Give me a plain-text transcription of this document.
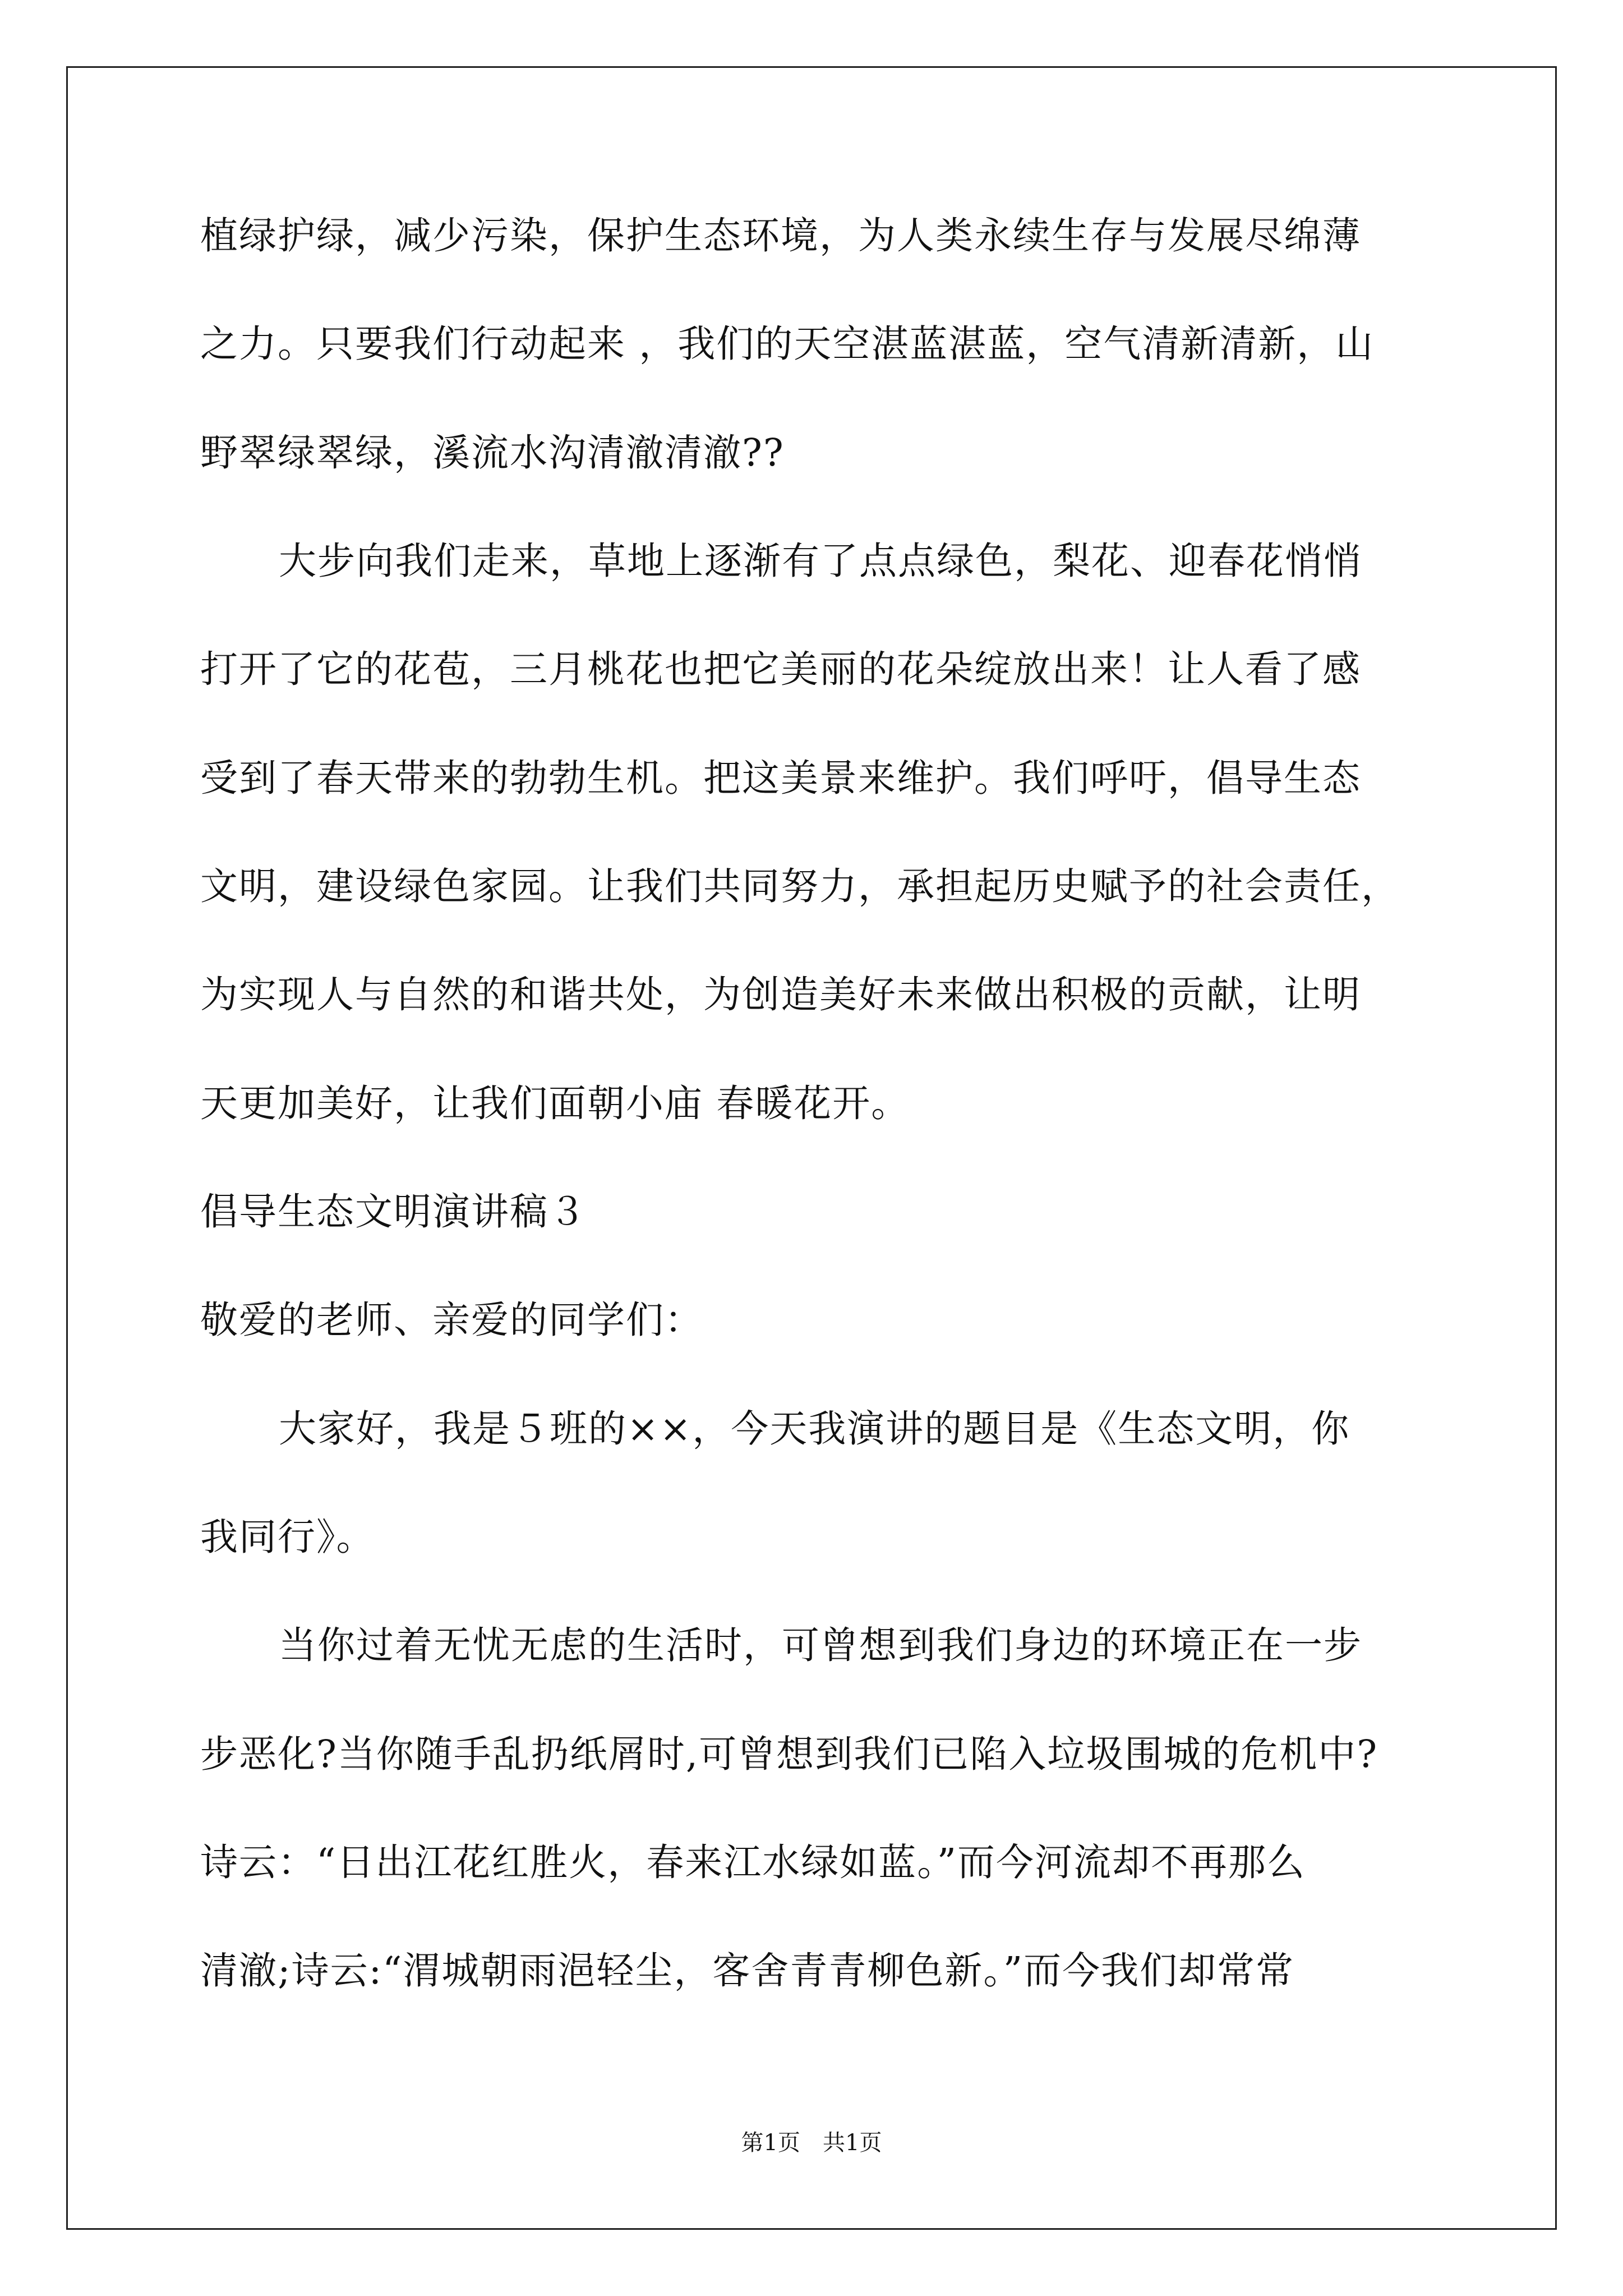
植绿护绿，减少污染，保护生态环境，为人类永续生存与发展尽绵薄
之力。只要我们行动起来 ，我们的天空湛蓝湛蓝，空气清新清新，山
野翠绿翠绿，溪流水沟清澈清澈??
大步向我们走来，草地上逐渐有了点点绿色，梨花、迎春花悄悄
打开了它的花苞，三月桃花也把它美丽的花朵绽放出来！让人看了感
受到了春天带来的勃勃生机。把这美景来维护。我们呼吁，倡导生态
文明，建设绿色家园。让我们共同努力，承担起历史赋予的社会责任，
为实现人与自然的和谐共处，为创造美好未来做出积极的贡献，让明
天更加美好，让我们面朝小庙 春暖花开。
倡导生态文明演讲稿３
敬爱的老师、亲爱的同学们：
大家好，我是５班的××，今天我演讲的题目是《生态文明，你
我同行》。
当你过着无忧无虑的生活时，可曾想到我们身边的环境正在一步
步恶化?当你随手乱扔纸屑时,可曾想到我们已陷入垃圾围城的危机中?
诗云：“日出江花红胜火，春来江水绿如蓝。”而今河流却不再那么
清澈;诗云:“渭城朝雨浥轻尘，客舍青青柳色新。”而今我们却常常
第1页　共1页
